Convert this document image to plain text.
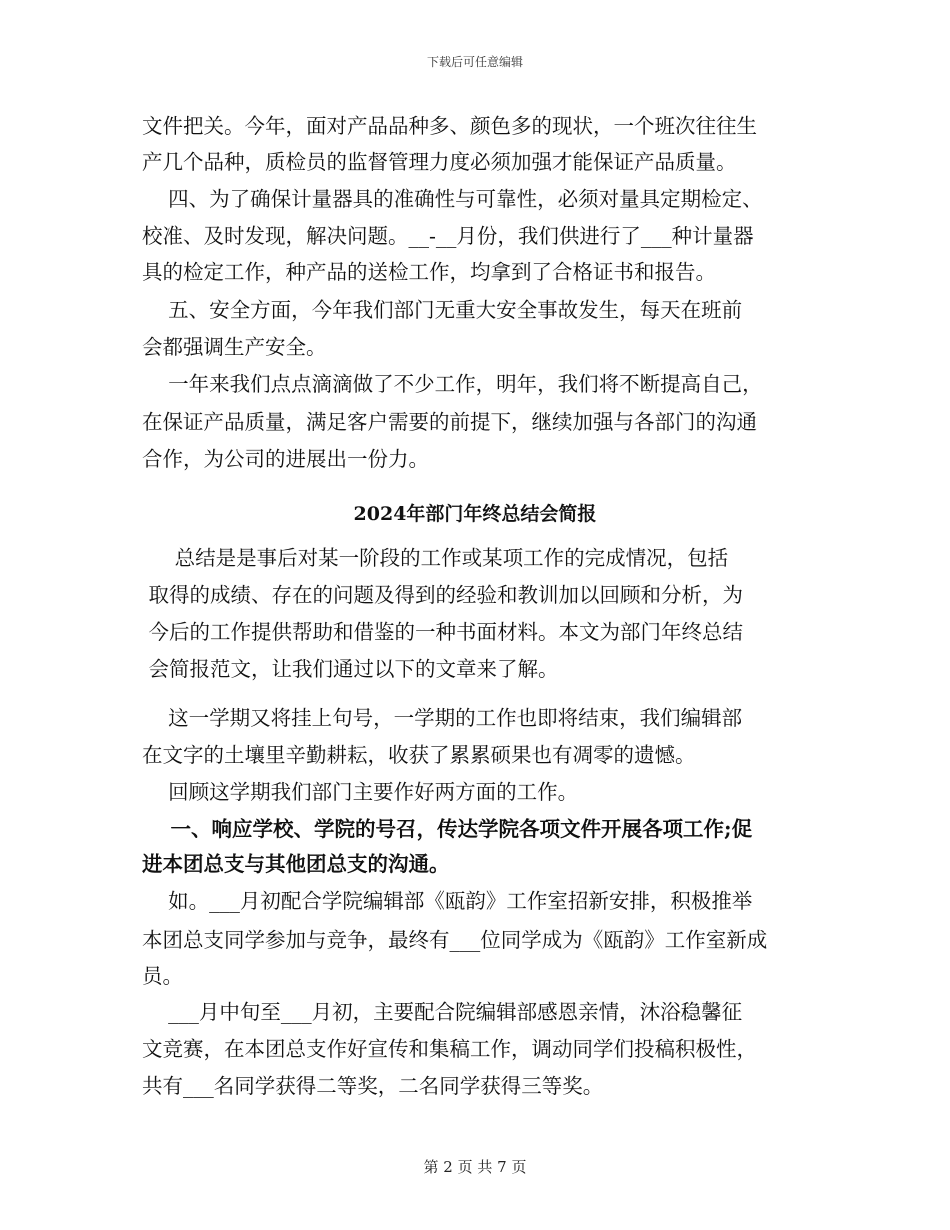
下载后可任意编辑
文件把关。今年，面对产品品种多、颜色多的现状，一个班次往往生
产几个品种，质检员的监督管理力度必须加强才能保证产品质量。
四、为了确保计量器具的准确性与可靠性，必须对量具定期检定、
校准、及时发现，解决问题。__-__月份，我们供进行了___种计量器
具的检定工作，种产品的送检工作，均拿到了合格证书和报告。
五、安全方面，今年我们部门无重大安全事故发生，每天在班前
会都强调生产安全。
一年来我们点点滴滴做了不少工作，明年，我们将不断提高自己，
在保证产品质量，满足客户需要的前提下，继续加强与各部门的沟通
合作，为公司的进展出一份力。
总结是是事后对某一阶段的工作或某项工作的完成情况，包括
取得的成绩、存在的问题及得到的经验和教训加以回顾和分析，为
今后的工作提供帮助和借鉴的一种书面材料。本文为部门年终总结
会简报范文，让我们通过以下的文章来了解。
这一学期又将挂上句号，一学期的工作也即将结束，我们编辑部
在文字的土壤里辛勤耕耘，收获了累累硕果也有凋零的遗憾。
回顾这学期我们部门主要作好两方面的工作。
一、响应学校、学院的号召，传达学院各项文件开展各项工作;促
进本团总支与其他团总支的沟通。
如。___月初配合学院编辑部《瓯韵》工作室招新安排，积极推举
本团总支同学参加与竞争，最终有___位同学成为《瓯韵》工作室新成
员。
___月中旬至___月初，主要配合院编辑部感恩亲情，沐浴稳馨征
文竞赛，在本团总支作好宣传和集稿工作，调动同学们投稿积极性，
共有___名同学获得二等奖，二名同学获得三等奖。
2024年部门年终总结会简报
第 2 页 共 7 页
